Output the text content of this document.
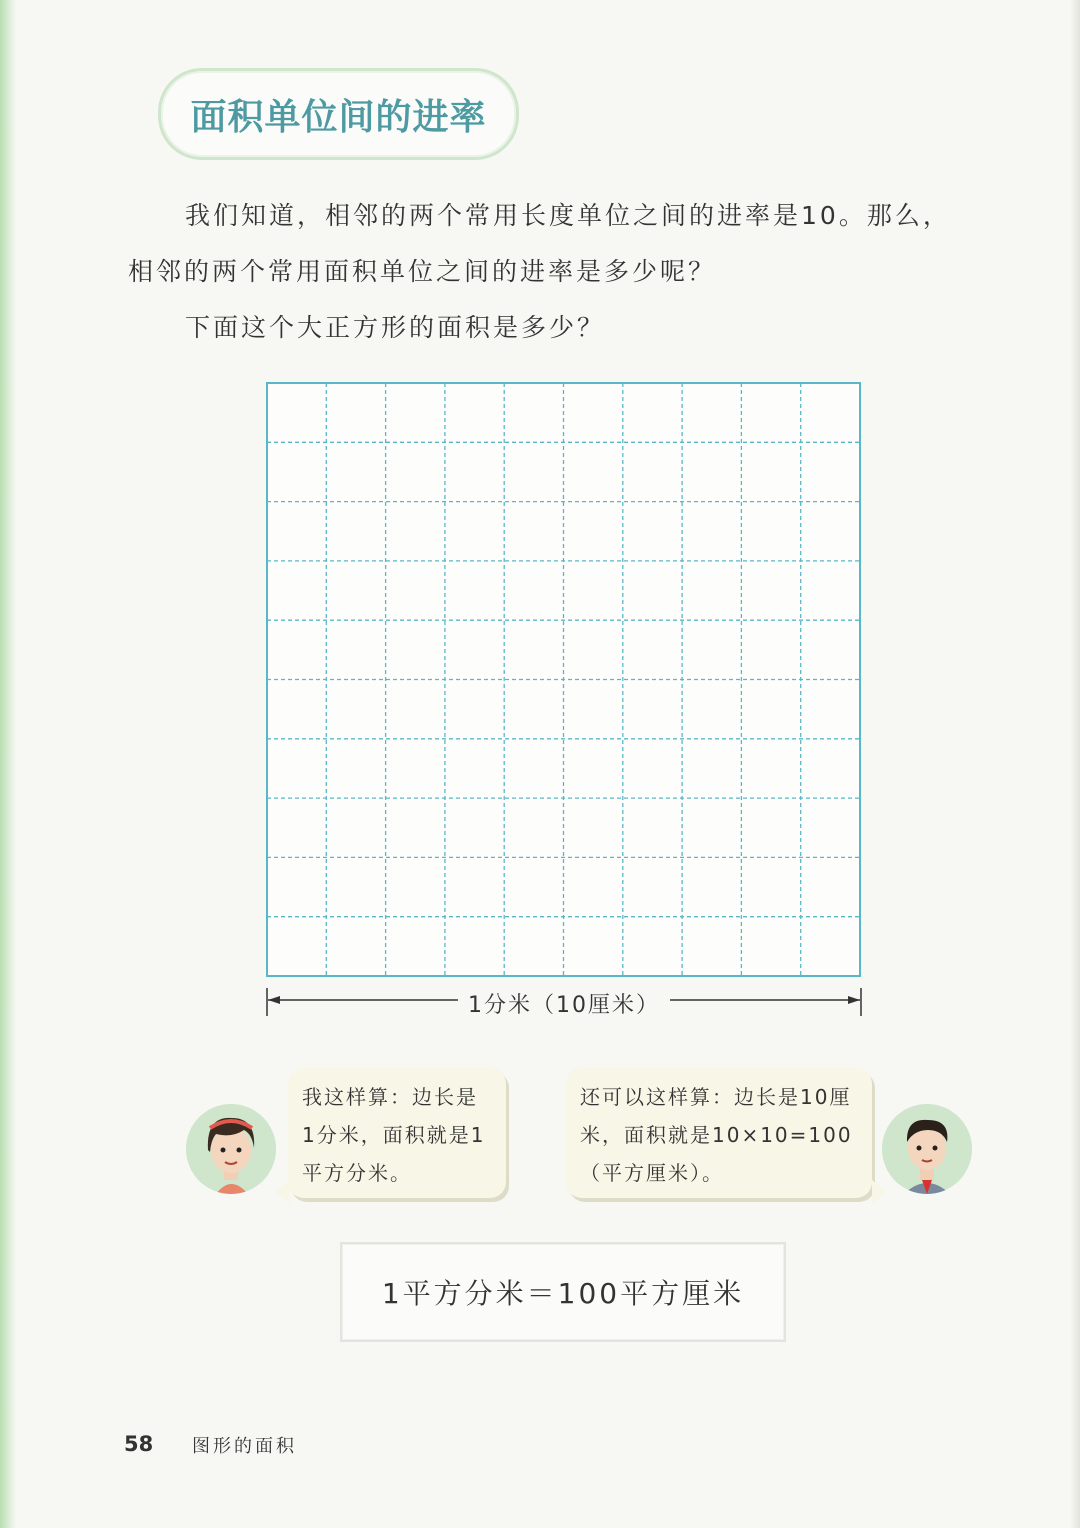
面积单位间的进率
我们知道，相邻的两个常用长度单位之间的进率是10。那么，
相邻的两个常用面积单位之间的进率是多少呢？
下面这个大正方形的面积是多少？
1分米（10厘米）
我这样算：边长是
1分米，面积就是1
平方分米。
还可以这样算：边长是10厘
米，面积就是10×10=100
（平方厘米）。
1平方分米＝100平方厘米
58 图形的面积
